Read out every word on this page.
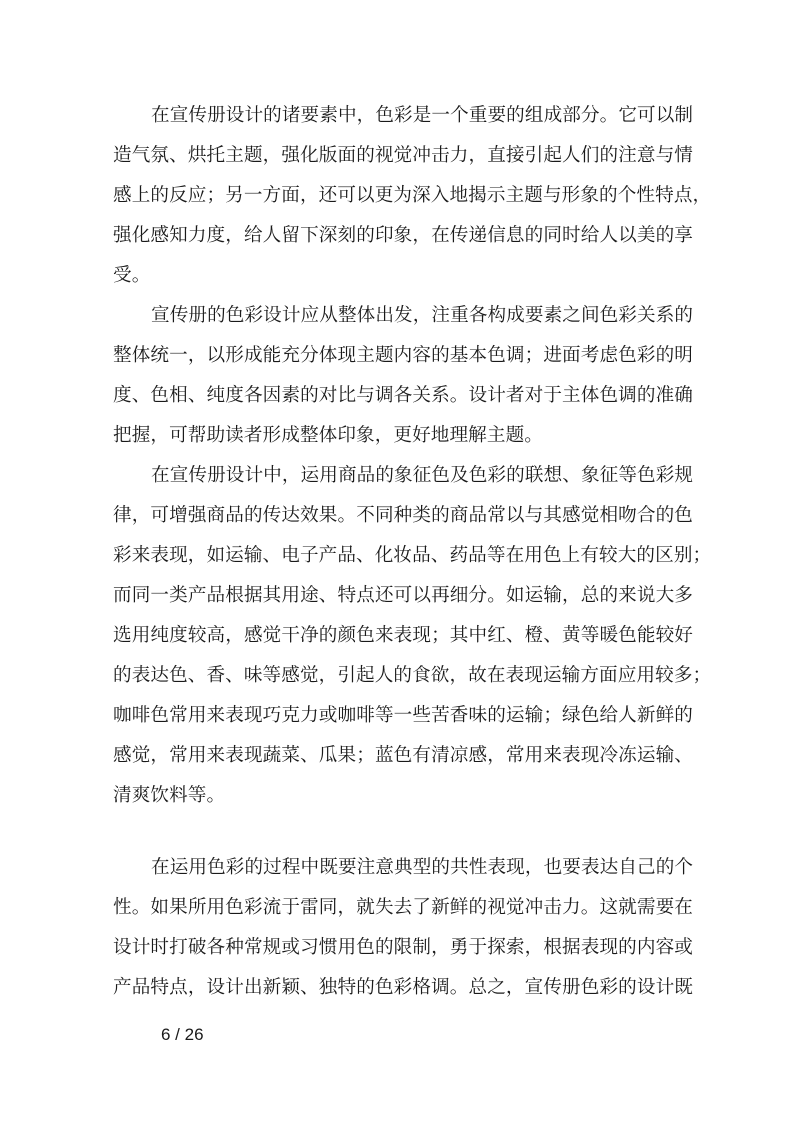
在宣传册设计的诸要素中，色彩是一个重要的组成部分。它可以制
造气氛、烘托主题，强化版面的视觉冲击力，直接引起人们的注意与情
感上的反应；另一方面，还可以更为深入地揭示主题与形象的个性特点，
强化感知力度，给人留下深刻的印象，在传递信息的同时给人以美的享
受。
宣传册的色彩设计应从整体出发，注重各构成要素之间色彩关系的
整体统一，以形成能充分体现主题内容的基本色调；进面考虑色彩的明
度、色相、纯度各因素的对比与调各关系。设计者对于主体色调的准确
把握，可帮助读者形成整体印象，更好地理解主题。
在宣传册设计中，运用商品的象征色及色彩的联想、象征等色彩规
律，可增强商品的传达效果。不同种类的商品常以与其感觉相吻合的色
彩来表现，如运输、电子产品、化妆品、药品等在用色上有较大的区别；
而同一类产品根据其用途、特点还可以再细分。如运输，总的来说大多
选用纯度较高，感觉干净的颜色来表现；其中红、橙、黄等暖色能较好
的表达色、香、味等感觉，引起人的食欲，故在表现运输方面应用较多；
咖啡色常用来表现巧克力或咖啡等一些苦香味的运输；绿色给人新鲜的
感觉，常用来表现蔬菜、瓜果；蓝色有清凉感，常用来表现冷冻运输、
清爽饮料等。
在运用色彩的过程中既要注意典型的共性表现，也要表达自己的个
性。如果所用色彩流于雷同，就失去了新鲜的视觉冲击力。这就需要在
设计时打破各种常规或习惯用色的限制，勇于探索，根据表现的内容或
产品特点，设计出新颖、独特的色彩格调。总之，宣传册色彩的设计既
6 / 26
